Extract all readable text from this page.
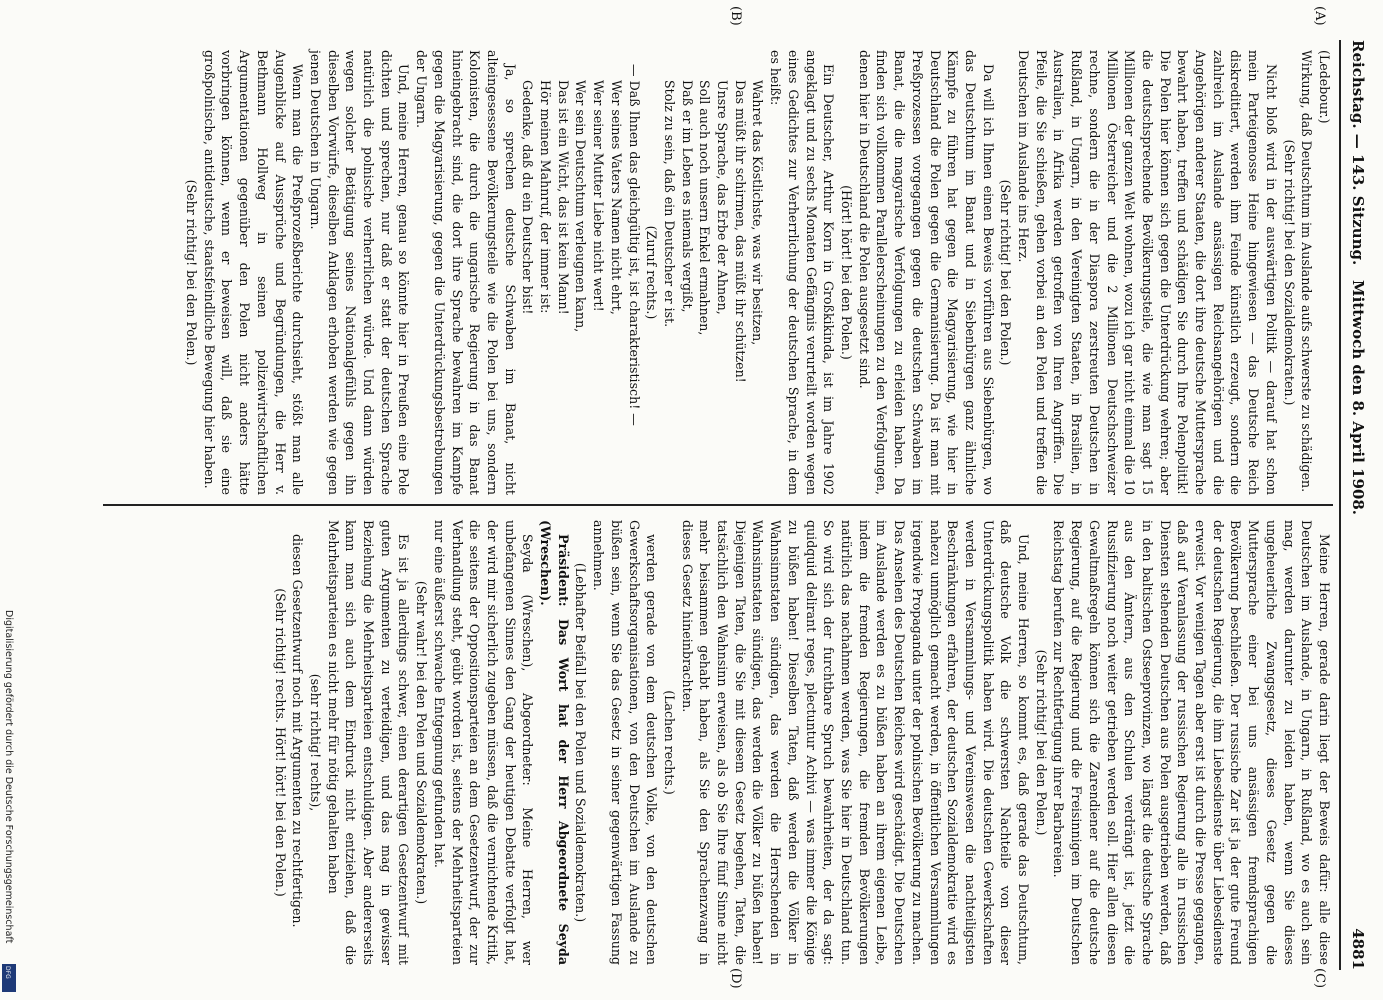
Reichstag. — 143. Sitzung.
Mittwoch den 8. April 1908.
4881
(A)
(B)
(C)
(D)

(Ledebour.)

Wirkung, daß Deutschtum im Auslande aufs schwerste zu schädigen.

(Sehr richtig! bei den Sozialdemokraten.)

Nicht bloß wird in der auswärtigen Politik — darauf hat schon mein Parteigenosse Heine hingewiesen — das Deutsche Reich diskreditiert, werden ihm Feinde künstlich erzeugt, sondern die zahlreich im Auslande ansässigen Reichsangehörigen und die Angehörigen anderer Staaten, die dort ihre deutsche Muttersprache bewahrt haben, treffen und schädigen Sie durch Ihre Polenpolitik! Die Polen hier können sich gegen die Unterdrückung wehren; aber die deutschsprechende Bevölkerungsteile, die wie man sagt 15 Millionen der ganzen Welt wohnen, wozu ich gar nicht einmal die 10 Millionen Österreicher und die 2 Millionen Deutschschweizer rechne, sondern die in der Diaspora zerstreuten Deutschen in Rußland, in Ungarn, in den Vereinigten Staaten, in Brasilien, in Australien, in Afrika werden getroffen von Ihren Angriffen. Die Pfeile, die Sie schießen, gehen vorbei an den Polen und treffen die Deutschen im Auslande ins Herz.

(Sehr richtig! bei den Polen.)

Da will ich Ihnen einen Beweis vorführen aus Siebenbürgen, wo das Deutschtum im Banat und in Siebenbürgen ganz ähnliche Kämpfe zu führen hat gegen die Magyarisierung, wie hier in Deutschland die Polen gegen die Germanisierung. Da ist man mit Preßprozessen vorgegangen gegen die deutschen Schwaben im Banat, die die magyarische Verfolgungen zu erleiden haben. Da finden sich vollkommen Parallelerscheinungen zu den Verfolgungen, denen hier in Deutschland die Polen ausgesetzt sind.

(Hört! hört! bei den Polen.)

Ein Deutscher, Arthur Korn in Großkikinda, ist im Jahre 1902 angeklagt und zu sechs Monaten Gefängnis verurteilt worden wegen eines Gedichtes zur Verherrlichung der deutschen Sprache, in dem es heißt:

Wahret das Köstlichste, was wir besitzen,

Das müßt ihr schirmen, das müßt ihr schützen!

Unsre Sprache, das Erbe der Ahnen,

Soll auch noch unsern Enkel ermahnen,

Daß er im Leben es niemals vergißt,

Stolz zu sein, daß ein Deutscher er ist.

(Zuruf rechts.)

— Daß Ihnen das gleichgültig ist, ist charakteristisch! —

Wer seines Vaters Namen nicht ehrt,

Wer seiner Mutter Liebe nicht wert!

Wer sein Deutschtum verleugnen kann,

Das ist ein Wicht, das ist kein Mann!

Hör meinen Mahnruf, der immer ist:

Gedenke, daß du ein Deutscher bist!

Ja, so sprechen deutsche Schwaben im Banat, nicht alteingesessene Bevölkerungsteile wie die Polen bei uns, sondern Kolonisten, die durch die ungarische Regierung in das Banat hineingebracht sind, die dort ihre Sprache bewahren im Kampfe gegen die Magyarisierung, gegen die Unterdrückungsbestrebungen der Ungarn.

Und, meine Herren, genau so könnte hier in Preußen eine Pole dichten und sprechen, nur daß er statt der deutschen Sprache natürlich die polnische verherrlichen würde. Und dann würden wegen solcher Betätigung seines Nationalgefühls gegen ihn dieselben Vorwürfe, dieselben Anklagen erhoben werden wie gegen jenen Deutschen in Ungarn.

Wenn man die Preßprozeßberichte durchsieht, stößt man alle Augenblicke auf Aussprüche und Begründungen, die Herr v. Bethmann Hollweg in seinen polizeiwirtschaftlichen Argumentationen gegenüber den Polen nicht anders hätte vorbringen können, wenn er beweisen will, daß sie eine großpolnische, antideutsche, staatsfeindliche Bewegung hier haben.

(Sehr richtig! bei den Polen.)

Meine Herren, gerade darin liegt der Beweis dafür: alle diese Deutschen im Auslande, in Ungarn, in Rußland, wo es auch sein mag, werden darunter zu leiden haben, wenn Sie dieses ungeheuerliche Zwangsgesetz, dieses Gesetz gegen die Muttersprache einer bei uns ansässigen fremdsprachigen Bevölkerung beschließen. Der russische Zar ist ja der gute Freund der deutschen Regierung, die ihm Liebesdienste über Liebesdienste erweist. Vor wenigen Tagen aber erst ist durch die Presse gegangen, daß auf Veranlassung der russischen Regierung alle in russischen Diensten stehenden Deutschen aus Polen ausgetrieben werden, daß in den baltischen Ostseeprovinzen, wo längst die deutsche Sprache aus den Ämtern, aus den Schulen verdrängt ist, jetzt die Russifizierung noch weiter getrieben werden soll. Hier allen diesen Gewaltmaßregeln können sich die Zarendiener auf die deutsche Regierung, auf die Regierung und die Freisinnigen im Deutschen Reichstag berufen zur Rechtfertigung ihrer Barbareien.

(Sehr richtig! bei den Polen.)

Und, meine Herren, so kommt es, daß gerade das Deutschtum, daß deutsche Volk die schwersten Nachteile von dieser Unterdrückungspolitik haben wird. Die deutschen Gewerkschaften werden in Versammlungs- und Vereinswesen die nachteiligsten Beschränkungen erfahren, der deutschen Sozialdemokratie wird es nahezu unmöglich gemacht werden, in öffentlichen Versammlungen irgendwie Propaganda unter der polnischen Bevölkerung zu machen. Das Ansehen des Deutschen Reiches wird geschädigt. Die Deutschen im Auslande werden es zu büßen haben an ihrem eigenen Leibe, indem die fremden Regierungen, die fremden Bevölkerungen natürlich das nachahmen werden, was Sie hier in Deutschland tun. So wird sich der furchtbare Spruch bewahrheiten, der da sagt: quidquid delirant reges, plectuntur Achivi — was immer die Könige zu büßen haben! Dieselben Taten, daß werden die Völker in Wahnsinnstaten sündigen, das werden die Herrschenden in Wahnsinnstaten sündigen, das werden die Völker zu büßen haben! Diejenigen Taten, die Sie mit diesem Gesetz begehen, Taten, die tatsächlich den Wahnsinn erweisen, als ob Sie Ihre fünf Sinne nicht mehr beisammen gehabt haben, als Sie den Sprachenzwang in dieses Gesetz hineinbrachten.

(Lachen rechts.)

werden gerade von dem deutschen Volke, von den deutschen Gewerkschaftsorganisationen, von den Deutschen im Auslande zu büßen sein, wenn Sie das Gesetz in seiner gegenwärtigen Fassung annehmen.

(Lebhafter Beifall bei den Polen und Sozialdemokraten.)

Präsident: Das Wort hat der Herr Abgeordnete Seyda (Wreschen).

Seyda (Wreschen), Abgeordneter: Meine Herren, wer unbefangenen Sinnes den Gang der heutigen Debatte verfolgt hat, der wird mir sicherlich zugeben müssen, daß die vernichtende Kritik, die seitens der Oppositionsparteien an dem Gesetzentwurf, der zur Verhandlung steht, geübt worden ist, seitens der Mehrheitsparteien nur eine äußerst schwache Entgegnung gefunden hat.

(Sehr wahr! bei den Polen und Sozialdemokraten.)

Es ist ja allerdings schwer, einen derartigen Gesetzentwurf mit guten Argumenten zu verteidigen, und das mag in gewisser Beziehung die Mehrheitsparteien entschuldigen. Aber andererseits kann man sich auch dem Eindruck nicht entziehen, daß die Mehrheitsparteien es nicht mehr für nötig gehalten haben

(sehr richtig! rechts),

diesen Gesetzentwurf noch mit Argumenten zu rechtfertigen.

(Sehr richtig! rechts. Hört! hört! bei den Polen.)

Digitalisierung gefördert durch die Deutsche Forschungsgemeinschaft
DFG
